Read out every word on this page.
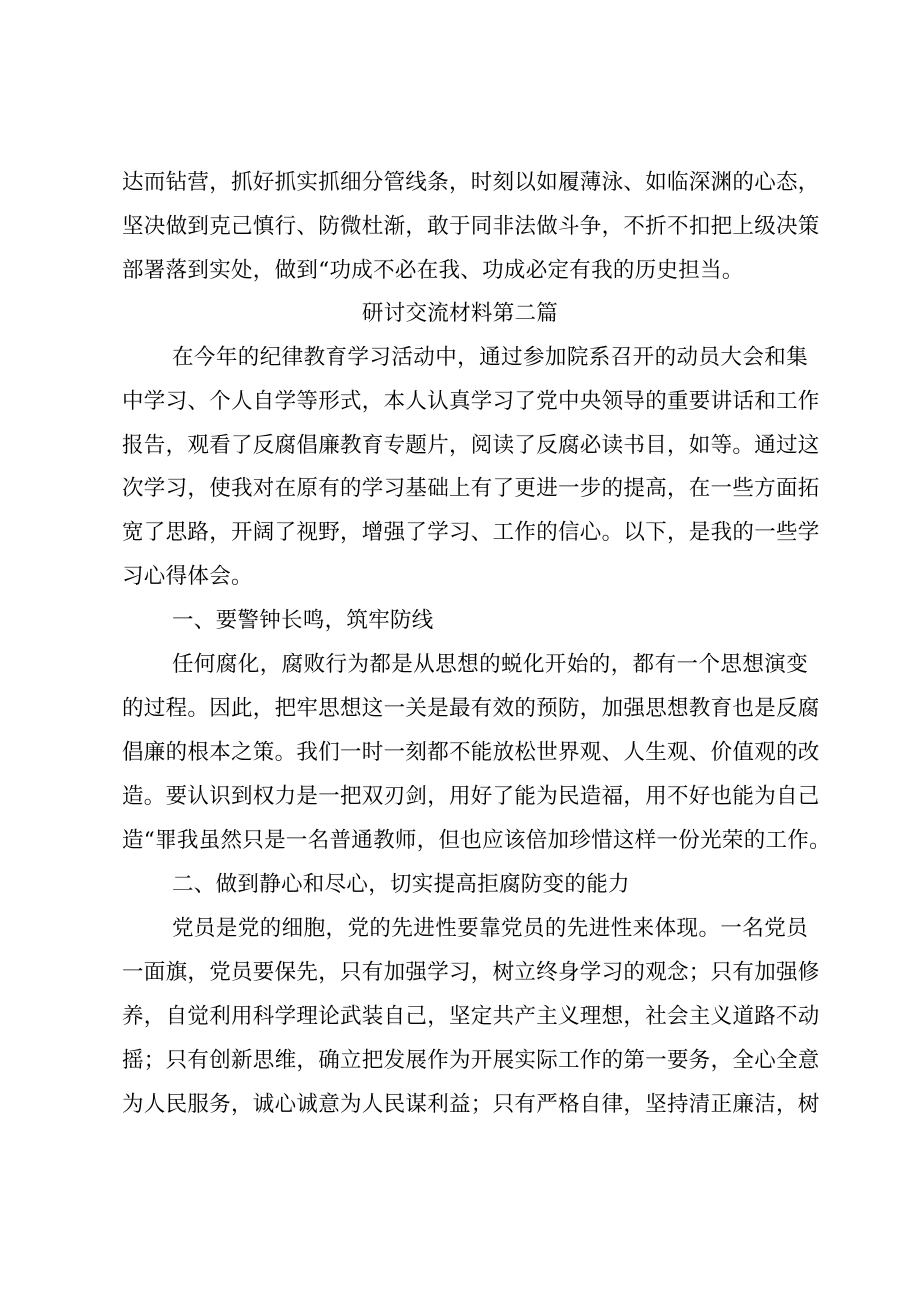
达而钻营，抓好抓实抓细分管线条，时刻以如履薄泳、如临深渊的心态，
坚决做到克己慎行、防微杜渐，敢于同非法做斗争，不折不扣把上级决策
部署落到实处，做到“功成不必在我、功成必定有我的历史担当。
研讨交流材料第二篇
在今年的纪律教育学习活动中，通过参加院系召开的动员大会和集
中学习、个人自学等形式，本人认真学习了党中央领导的重要讲话和工作
报告，观看了反腐倡廉教育专题片，阅读了反腐必读书目，如等。通过这
次学习，使我对在原有的学习基础上有了更进一步的提高，在一些方面拓
宽了思路，开阔了视野，增强了学习、工作的信心。以下，是我的一些学
习心得体会。
一、要警钟长鸣，筑牢防线
任何腐化，腐败行为都是从思想的蜕化开始的，都有一个思想演变
的过程。因此，把牢思想这一关是最有效的预防，加强思想教育也是反腐
倡廉的根本之策。我们一时一刻都不能放松世界观、人生观、价值观的改
造。要认识到权力是一把双刃剑，用好了能为民造福，用不好也能为自己
造“罪我虽然只是一名普通教师，但也应该倍加珍惜这样一份光荣的工作。
二、做到静心和尽心，切实提高拒腐防变的能力
党员是党的细胞，党的先进性要靠党员的先进性来体现。一名党员
一面旗，党员要保先，只有加强学习，树立终身学习的观念；只有加强修
养，自觉利用科学理论武装自己，坚定共产主义理想，社会主义道路不动
摇；只有创新思维，确立把发展作为开展实际工作的第一要务，全心全意
为人民服务，诚心诚意为人民谋利益；只有严格自律，坚持清正廉洁，树
